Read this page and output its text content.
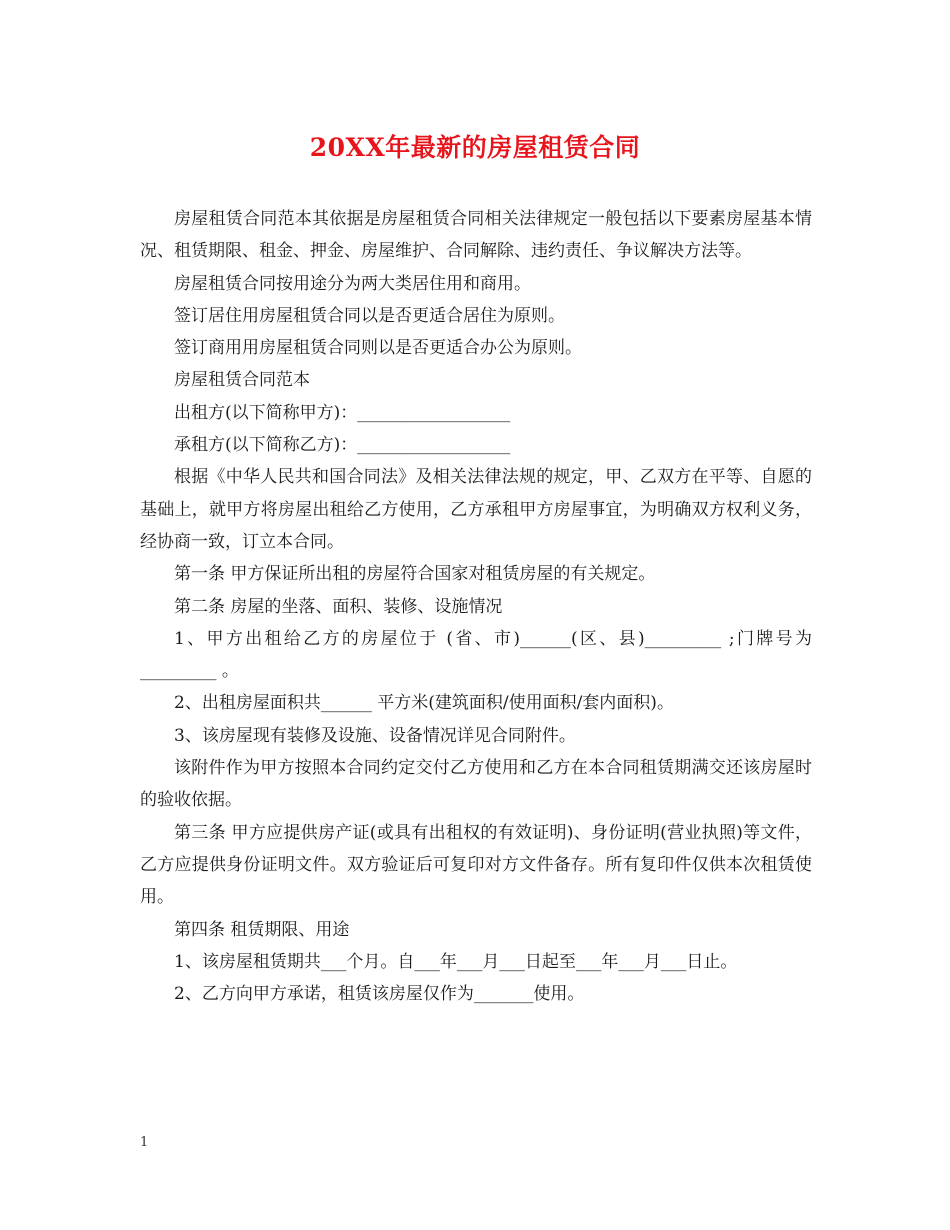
20XX年最新的房屋租赁合同

房屋租赁合同范本其依据是房屋租赁合同相关法律规定一般包括以下要素房屋基本情况、租赁期限、租金、押金、房屋维护、合同解除、违约责任、争议解决方法等。

房屋租赁合同按用途分为两大类居住用和商用。

签订居住用房屋租赁合同以是否更适合居住为原则。

签订商用用房屋租赁合同则以是否更适合办公为原则。

房屋租赁合同范本

出租方(以下简称甲方)：__________________

承租方(以下简称乙方)：__________________

根据《中华人民共和国合同法》及相关法律法规的规定，甲、乙双方在平等、自愿的基础上，就甲方将房屋出租给乙方使用，乙方承租甲方房屋事宜，为明确双方权利义务，经协商一致，订立本合同。

第一条 甲方保证所出租的房屋符合国家对租赁房屋的有关规定。

第二条 房屋的坐落、面积、装修、设施情况

1、甲方出租给乙方的房屋位于 (省、市)______(区、县)_________ ;门牌号为_________ 。

2、出租房屋面积共______ 平方米(建筑面积/使用面积/套内面积)。

3、该房屋现有装修及设施、设备情况详见合同附件。

该附件作为甲方按照本合同约定交付乙方使用和乙方在本合同租赁期满交还该房屋时的验收依据。

第三条 甲方应提供房产证(或具有出租权的有效证明)、身份证明(营业执照)等文件，乙方应提供身份证明文件。双方验证后可复印对方文件备存。所有复印件仅供本次租赁使用。

第四条 租赁期限、用途

1、该房屋租赁期共___个月。自___年___月___日起至___年___月___日止。

2、乙方向甲方承诺，租赁该房屋仅作为_______使用。

1
